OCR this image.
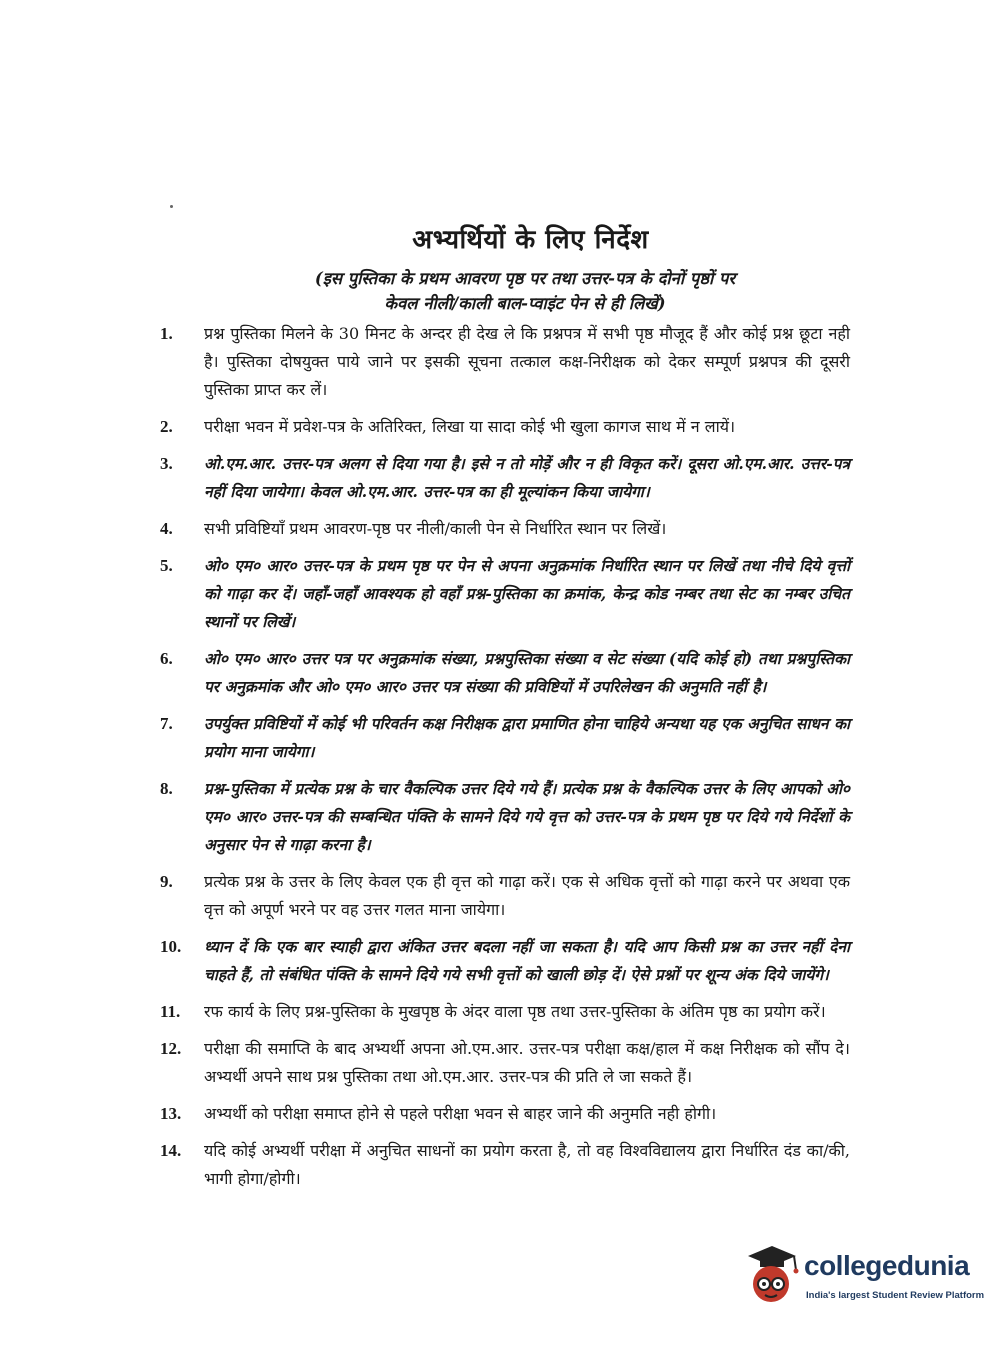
अभ्यर्थियों के लिए निर्देश
(इस पुस्तिका के प्रथम आवरण पृष्ठ पर तथा उत्तर-पत्र के दोनों पृष्ठों पर
केवल नीली/काली बाल-प्वाइंट पेन से ही लिखें)
1.	प्रश्न पुस्तिका मिलने के 30 मिनट के अन्दर ही देख ले कि प्रश्नपत्र में सभी पृष्ठ मौजूद हैं और कोई प्रश्न छूटा नही है। पुस्तिका दोषयुक्त पाये जाने पर इसकी सूचना तत्काल कक्ष-निरीक्षक को देकर सम्पूर्ण प्रश्नपत्र की दूसरी पुस्तिका प्राप्त कर लें।
2.	परीक्षा भवन में प्रवेश-पत्र के अतिरिक्त, लिखा या सादा कोई भी खुला कागज साथ में न लायें।
3.	ओ.एम.आर. उत्तर-पत्र अलग से दिया गया है। इसे न तो मोड़ें और न ही विकृत करें। दूसरा ओ.एम.आर. उत्तर-पत्र नहीं दिया जायेगा। केवल ओ.एम.आर. उत्तर-पत्र का ही मूल्यांकन किया जायेगा।
4.	सभी प्रविष्टियाँ प्रथम आवरण-पृष्ठ पर नीली/काली पेन से निर्धारित स्थान पर लिखें।
5.	ओ० एम० आर० उत्तर-पत्र के प्रथम पृष्ठ पर पेन से अपना अनुक्रमांक निर्धारित स्थान पर लिखें तथा नीचे दिये वृत्तों को गाढ़ा कर दें। जहाँ-जहाँ आवश्यक हो वहाँ प्रश्न-पुस्तिका का क्रमांक, केन्द्र कोड नम्बर तथा सेट का नम्बर उचित स्थानों पर लिखें।
6.	ओ० एम० आर० उत्तर पत्र पर अनुक्रमांक संख्या, प्रश्नपुस्तिका संख्या व सेट संख्या (यदि कोई हो) तथा प्रश्नपुस्तिका पर अनुक्रमांक और ओ० एम० आर० उत्तर पत्र संख्या की प्रविष्टियों में उपरिलेखन की अनुमति नहीं है।
7.	उपर्युक्त प्रविष्टियों में कोई भी परिवर्तन कक्ष निरीक्षक द्वारा प्रमाणित होना चाहिये अन्यथा यह एक अनुचित साधन का प्रयोग माना जायेगा।
8.	प्रश्न-पुस्तिका में प्रत्येक प्रश्न के चार वैकल्पिक उत्तर दिये गये हैं। प्रत्येक प्रश्न के वैकल्पिक उत्तर के लिए आपको ओ० एम० आर० उत्तर-पत्र की सम्बन्धित पंक्ति के सामने दिये गये वृत्त को उत्तर-पत्र के प्रथम पृष्ठ पर दिये गये निर्देशों के अनुसार पेन से गाढ़ा करना है।
9.	प्रत्येक प्रश्न के उत्तर के लिए केवल एक ही वृत्त को गाढ़ा करें। एक से अधिक वृत्तों को गाढ़ा करने पर अथवा एक वृत्त को अपूर्ण भरने पर वह उत्तर गलत माना जायेगा।
10.	ध्यान दें कि एक बार स्याही द्वारा अंकित उत्तर बदला नहीं जा सकता है। यदि आप किसी प्रश्न का उत्तर नहीं देना चाहते हैं, तो संबंधित पंक्ति के सामने दिये गये सभी वृत्तों को खाली छोड़ दें। ऐसे प्रश्नों पर शून्य अंक दिये जायेंगे।
11.	रफ कार्य के लिए प्रश्न-पुस्तिका के मुखपृष्ठ के अंदर वाला पृष्ठ तथा उत्तर-पुस्तिका के अंतिम पृष्ठ का प्रयोग करें।
12.	परीक्षा की समाप्ति के बाद अभ्यर्थी अपना ओ.एम.आर. उत्तर-पत्र परीक्षा कक्ष/हाल में कक्ष निरीक्षक को सौंप दे। अभ्यर्थी अपने साथ प्रश्न पुस्तिका तथा ओ.एम.आर. उत्तर-पत्र की प्रति ले जा सकते हैं।
13.	अभ्यर्थी को परीक्षा समाप्त होने से पहले परीक्षा भवन से बाहर जाने की अनुमति नही होगी।
14.	यदि कोई अभ्यर्थी परीक्षा में अनुचित साधनों का प्रयोग करता है, तो वह विश्वविद्यालय द्वारा निर्धारित दंड का/की, भागी होगा/होगी।
collegedunia
India's largest Student Review Platform
